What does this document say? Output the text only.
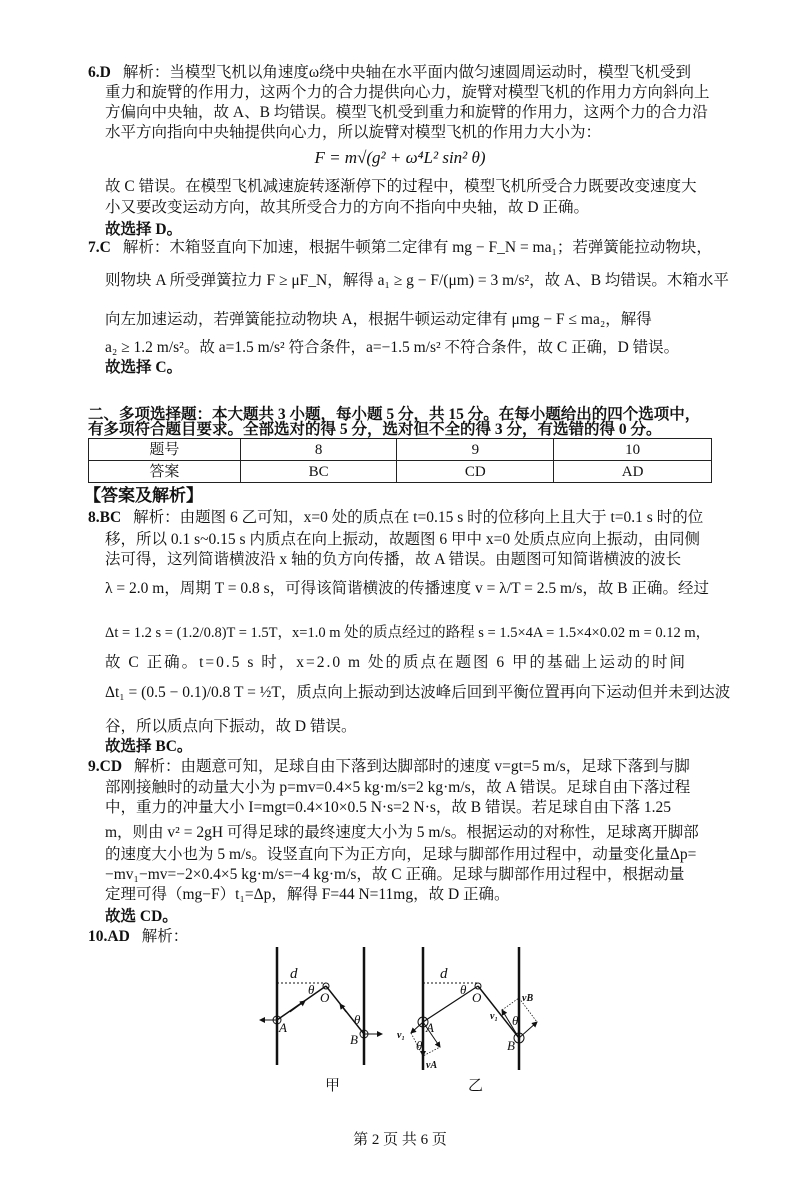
6.D 解析：当模型飞机以角速度ω绕中央轴在水平面内做匀速圆周运动时，模型飞机受到
重力和旋臂的作用力，这两个力的合力提供向心力，旋臂对模型飞机的作用力方向斜向上
方偏向中央轴，故 A、B 均错误。模型飞机受到重力和旋臂的作用力，这两个力的合力沿
水平方向指向中央轴提供向心力，所以旋臂对模型飞机的作用力大小为：
F = m√(g² + ω⁴L² sin² θ)
故 C 错误。在模型飞机减速旋转逐渐停下的过程中，模型飞机所受合力既要改变速度大
小又要改变运动方向，故其所受合力的方向不指向中央轴，故 D 正确。
故选择 D。
7.C 解析：木箱竖直向下加速，根据牛顿第二定律有 mg − F_N = ma₁；若弹簧能拉动物块，
则物块 A 所受弹簧拉力 F ≥ μF_N，解得 a₁ ≥ g − F/(μm) = 3 m/s²，故 A、B 均错误。木箱水平
向左加速运动，若弹簧能拉动物块 A，根据牛顿运动定律有 μmg − F ≤ ma₂，解得
a₂ ≥ 1.2 m/s²。故 a=1.5 m/s² 符合条件，a=−1.5 m/s² 不符合条件，故 C 正确，D 错误。
故选择 C。
二、多项选择题：本大题共 3 小题，每小题 5 分，共 15 分。在每小题给出的四个选项中，
有多项符合题目要求。全部选对的得 5 分，选对但不全的得 3 分，有选错的得 0 分。
题号	8	9	10
答案	BC	CD	AD
【答案及解析】
8.BC 解析：由题图 6 乙可知，x=0 处的质点在 t=0.15 s 时的位移向上且大于 t=0.1 s 时的位
移，所以 0.1 s~0.15 s 内质点在向上振动，故题图 6 甲中 x=0 处质点应向上振动，由同侧
法可得，这列简谐横波沿 x 轴的负方向传播，故 A 错误。由题图可知简谐横波的波长
λ = 2.0 m，周期 T = 0.8 s，可得该简谐横波的传播速度 v = λ/T = 2.5 m/s，故 B 正确。经过
Δt = 1.2 s = (1.2/0.8)T = 1.5T，x=1.0 m 处的质点经过的路程 s = 1.5×4A = 1.5×4×0.02 m = 0.12 m，
故 C 正确。t=0.5 s 时，x=2.0 m 处的质点在题图 6 甲的基础上运动的时间
Δt₁ = (0.5 − 0.1)/0.8 T = ½T，质点向上振动到达波峰后回到平衡位置再向下运动但并未到达波
谷，所以质点向下振动，故 D 错误。
故选择 BC。
9.CD 解析：由题意可知，足球自由下落到达脚部时的速度 v=gt=5 m/s，足球下落到与脚
部刚接触时的动量大小为 p=mv=0.4×5 kg·m/s=2 kg·m/s，故 A 错误。足球自由下落过程
中，重力的冲量大小 I=mgt=0.4×10×0.5 N·s=2 N·s，故 B 错误。若足球自由下落 1.25
m，则由 v² = 2gH 可得足球的最终速度大小为 5 m/s。根据运动的对称性，足球离开脚部
的速度大小也为 5 m/s。设竖直向下为正方向，足球与脚部作用过程中，动量变化量Δp=
−mv₁−mv=−2×0.4×5 kg·m/s=−4 kg·m/s，故 C 正确。足球与脚部作用过程中，根据动量
定理可得（mg−F）t₁=Δp，解得 F=44 N=11mg，故 D 正确。
故选 CD。
10.AD 解析：
d
θ
O
A
B
θ
d
θ
O
A
v₁
vA
θ
vB
v₁ θ
B
甲	乙
第 2 页 共 6 页
